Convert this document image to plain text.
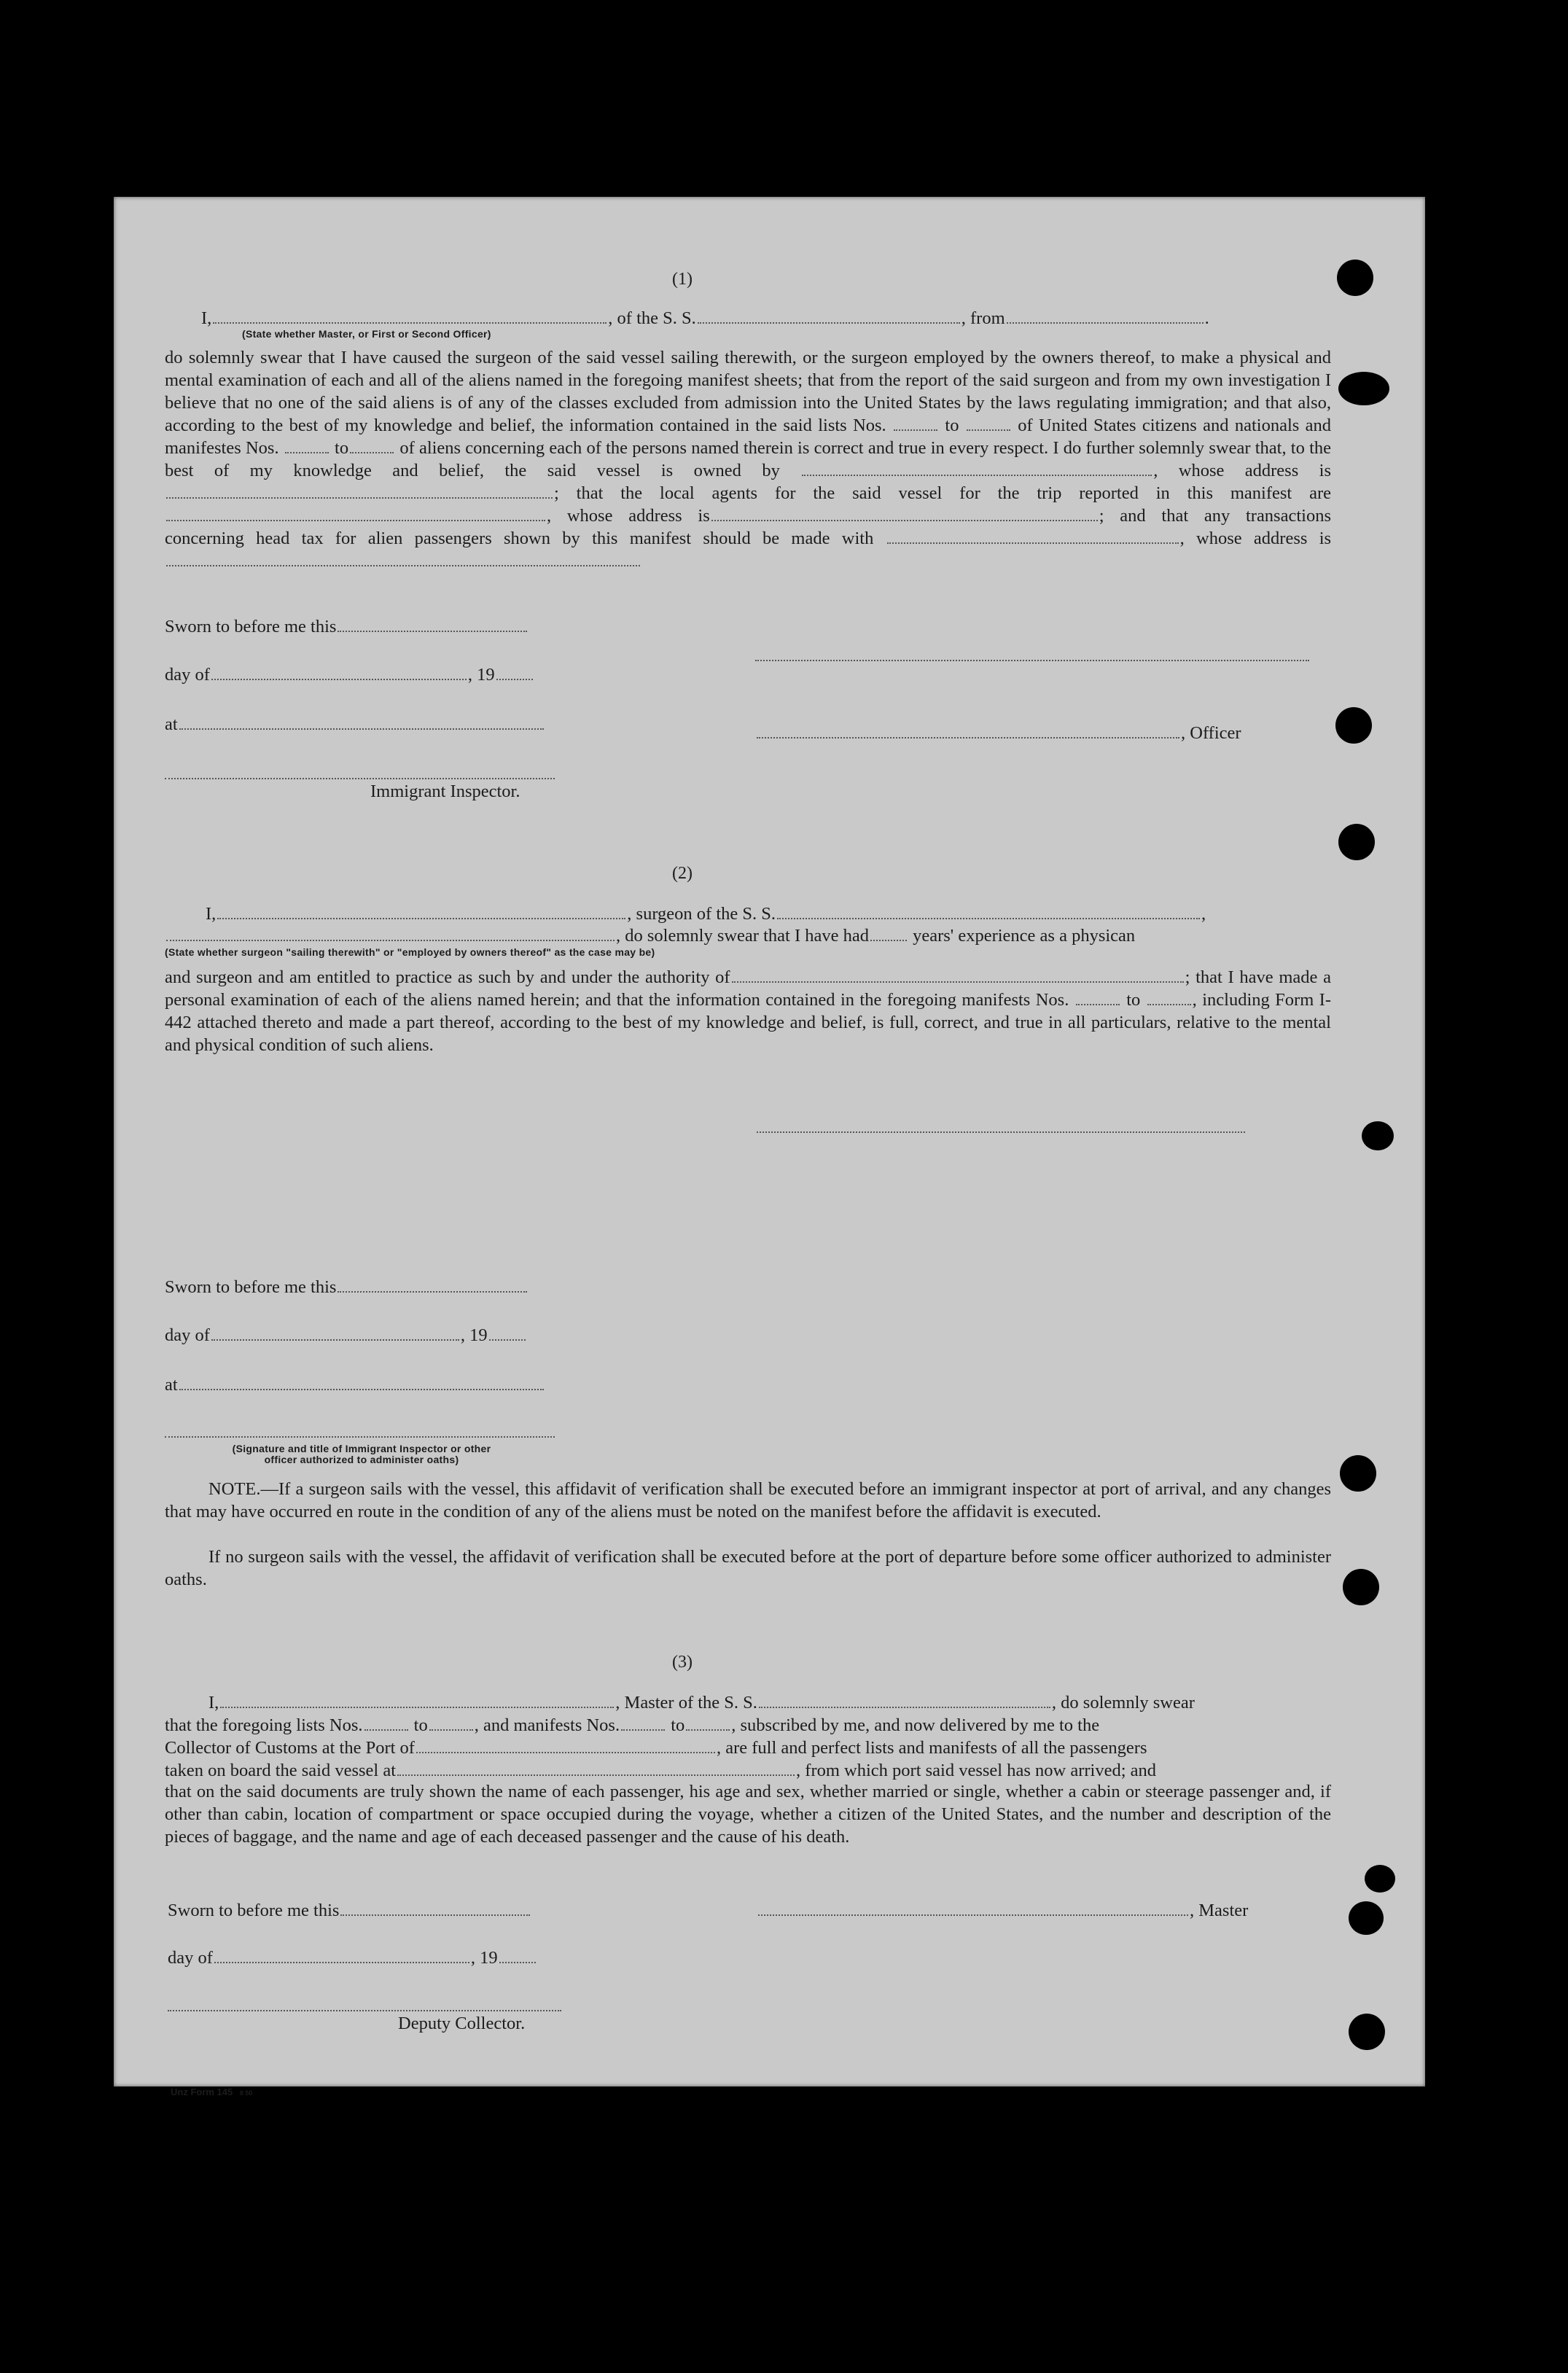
(1)
I,	, of the S. S.	, from	.
(State whether Master, or First or Second Officer)
do solemnly swear that I have caused the surgeon of the said vessel sailing therewith, or the surgeon employed by the owners thereof, to make a physical and mental examination of each and all of the aliens named in the foregoing manifest sheets; that from the report of the said surgeon and from my own investigation I believe that no one of the said aliens is of any of the classes excluded from admission into the United States by the laws regulating immigration; and that also, according to the best of my knowledge and belief, the information contained in the said lists Nos.	to	of United States citizens and nationals and manifestes Nos.	to	of aliens concerning each of the persons named therein is correct and true in every respect. I do further solemnly swear that, to the best of my knowledge and belief, the said vessel is owned by	, whose address is ; that the local agents for the said vessel for the trip reported in this manifest are , whose address is	; and that any transactions concerning head tax for alien passengers shown by this manifest should be made with	, whose address is
Sworn to before me this
day of	, 19
at	, Officer
Immigrant Inspector.
(2)
I,	, surgeon of the S. S.	,
, do solemnly swear that I have had years' experience as a physican
(State whether surgeon "sailing therewith" or "employed by owners thereof" as the case may be)
and surgeon and am entitled to practice as such by and under the authority of	; that I have made a personal examination of each of the aliens named herein; and that the information contained in the foregoing manifests Nos.	to	, including Form I-442 attached thereto and made a part thereof, according to the best of my knowledge and belief, is full, correct, and true in all particulars, relative to the mental and physical condition of such aliens.
Sworn to before me this
day of	, 19
at
(Signature and title of Immigrant Inspector or other
officer authorized to administer oaths)
NOTE.—If a surgeon sails with the vessel, this affidavit of verification shall be executed before an immigrant inspector at port of arrival, and any changes that may have occurred en route in the condition of any of the aliens must be noted on the manifest before the affidavit is executed.
If no surgeon sails with the vessel, the affidavit of verification shall be executed before at the port of departure before some officer authorized to administer oaths.
(3)
I,	, Master of the S. S.	, do solemnly swear
that the foregoing lists Nos.	to	, and manifests Nos.	to	, subscribed by me, and now delivered by me to the
Collector of Customs at the Port of	, are full and perfect lists and manifests of all the passengers
taken on board the said vessel at	, from which port said vessel has now arrived; and
that on the said documents are truly shown the name of each passenger, his age and sex, whether married or single, whether a cabin or steerage passenger and, if other than cabin, location of compartment or space occupied during the voyage, whether a citizen of the United States, and the number and description of the pieces of baggage, and the name and age of each deceased passenger and the cause of his death.
Sworn to before me this	, Master
day of	, 19
Deputy Collector.
Unz Form 145 8 50
